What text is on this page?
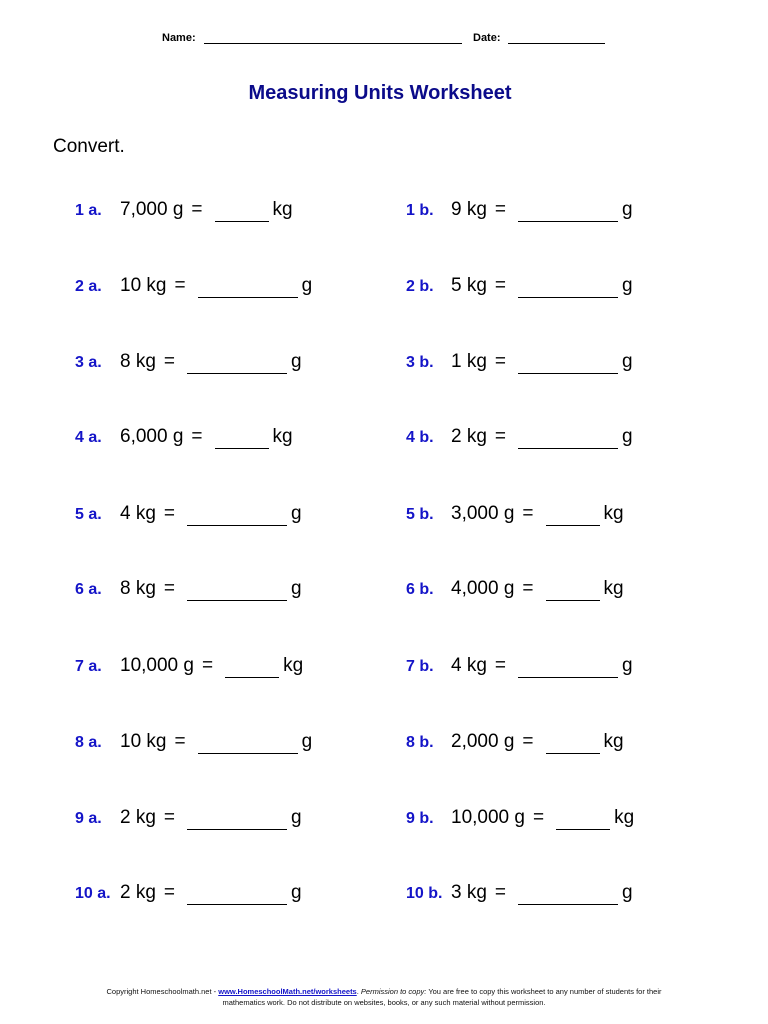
Name:	Date:
Measuring Units Worksheet
Convert.
1 a. 7,000 g =	kg	1 b. 9 kg =	g
2 a. 10 kg =	g	2 b. 5 kg =	g
3 a. 8 kg =	g	3 b. 1 kg =	g
4 a. 6,000 g =	kg	4 b. 2 kg =	g
5 a. 4 kg =	g	5 b. 3,000 g =	kg
6 a. 8 kg =	g	6 b. 4,000 g =	kg
7 a. 10,000 g =	kg	7 b. 4 kg =	g
8 a. 10 kg =	g	8 b. 2,000 g =	kg
9 a. 2 kg =	g	9 b. 10,000 g =	kg
10 a. 2 kg =	g	10 b. 3 kg =	g
Copyright Homeschoolmath.net - www.HomeschoolMath.net/worksheets. Permission to copy: You are free to copy this worksheet to any number of students for their mathematics work. Do not distribute on websites, books, or any such material without permission.
